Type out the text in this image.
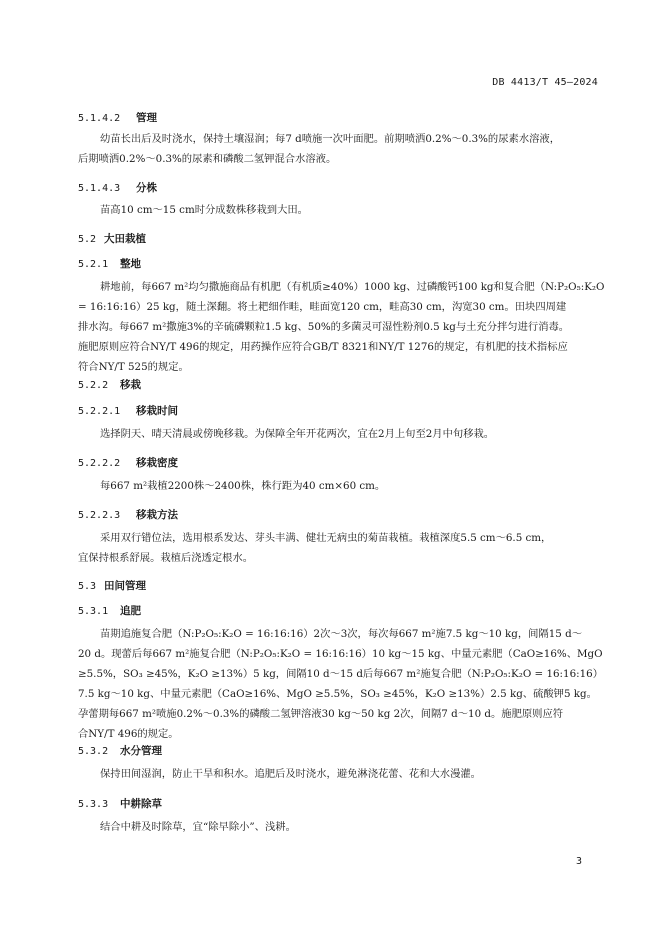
DB 4413/T 45—2024
5.1.4.2 管理
幼苗长出后及时浇水，保持土壤湿润；每7 d喷施一次叶面肥。前期喷洒0.2%～0.3%的尿素水溶液，
后期喷洒0.2%～0.3%的尿素和磷酸二氢钾混合水溶液。
5.1.4.3 分株
苗高10 cm～15 cm时分成数株移栽到大田。
5.2 大田栽植
5.2.1 整地
耕地前，每667 m²均匀撒施商品有机肥（有机质≥40%）1000 kg、过磷酸钙100 kg和复合肥（N:P₂O₅:K₂O
= 16:16:16）25 kg，随土深翻。将土耙细作畦，畦面宽120 cm，畦高30 cm，沟宽30 cm。田块四周建
排水沟。每667 m²撒施3%的辛硫磷颗粒1.5 kg、50%的多菌灵可湿性粉剂0.5 kg与土充分拌匀进行消毒。
施肥原则应符合NY/T 496的规定，用药操作应符合GB/T 8321和NY/T 1276的规定，有机肥的技术指标应
符合NY/T 525的规定。
5.2.2 移栽
5.2.2.1 移栽时间
选择阴天、晴天清晨或傍晚移栽。为保障全年开花两次，宜在2月上旬至2月中旬移栽。
5.2.2.2 移栽密度
每667 m²栽植2200株～2400株，株行距为40 cm×60 cm。
5.2.2.3 移栽方法
采用双行错位法，选用根系发达、芽头丰满、健壮无病虫的菊苗栽植。栽植深度5.5 cm～6.5 cm，
宜保持根系舒展。栽植后浇透定根水。
5.3 田间管理
5.3.1 追肥
苗期追施复合肥（N:P₂O₅:K₂O = 16:16:16）2次～3次，每次每667 m²施7.5 kg～10 kg，间隔15 d～
20 d。现蕾后每667 m²施复合肥（N:P₂O₅:K₂O = 16:16:16）10 kg～15 kg、中量元素肥（CaO≥16%、MgO
≥5.5%，SO₃ ≥45%，K₂O ≥13%）5 kg，间隔10 d～15 d后每667 m²施复合肥（N:P₂O₅:K₂O = 16:16:16）
7.5 kg～10 kg、中量元素肥（CaO≥16%、MgO ≥5.5%，SO₃ ≥45%，K₂O ≥13%）2.5 kg、硫酸钾5 kg。
孕蕾期每667 m²喷施0.2%～0.3%的磷酸二氢钾溶液30 kg～50 kg 2次，间隔7 d～10 d。施肥原则应符
合NY/T 496的规定。
5.3.2 水分管理
保持田间湿润，防止干旱和积水。追肥后及时浇水，避免淋浇花蕾、花和大水漫灌。
5.3.3 中耕除草
结合中耕及时除草，宜“除早除小”、浅耕。
3
